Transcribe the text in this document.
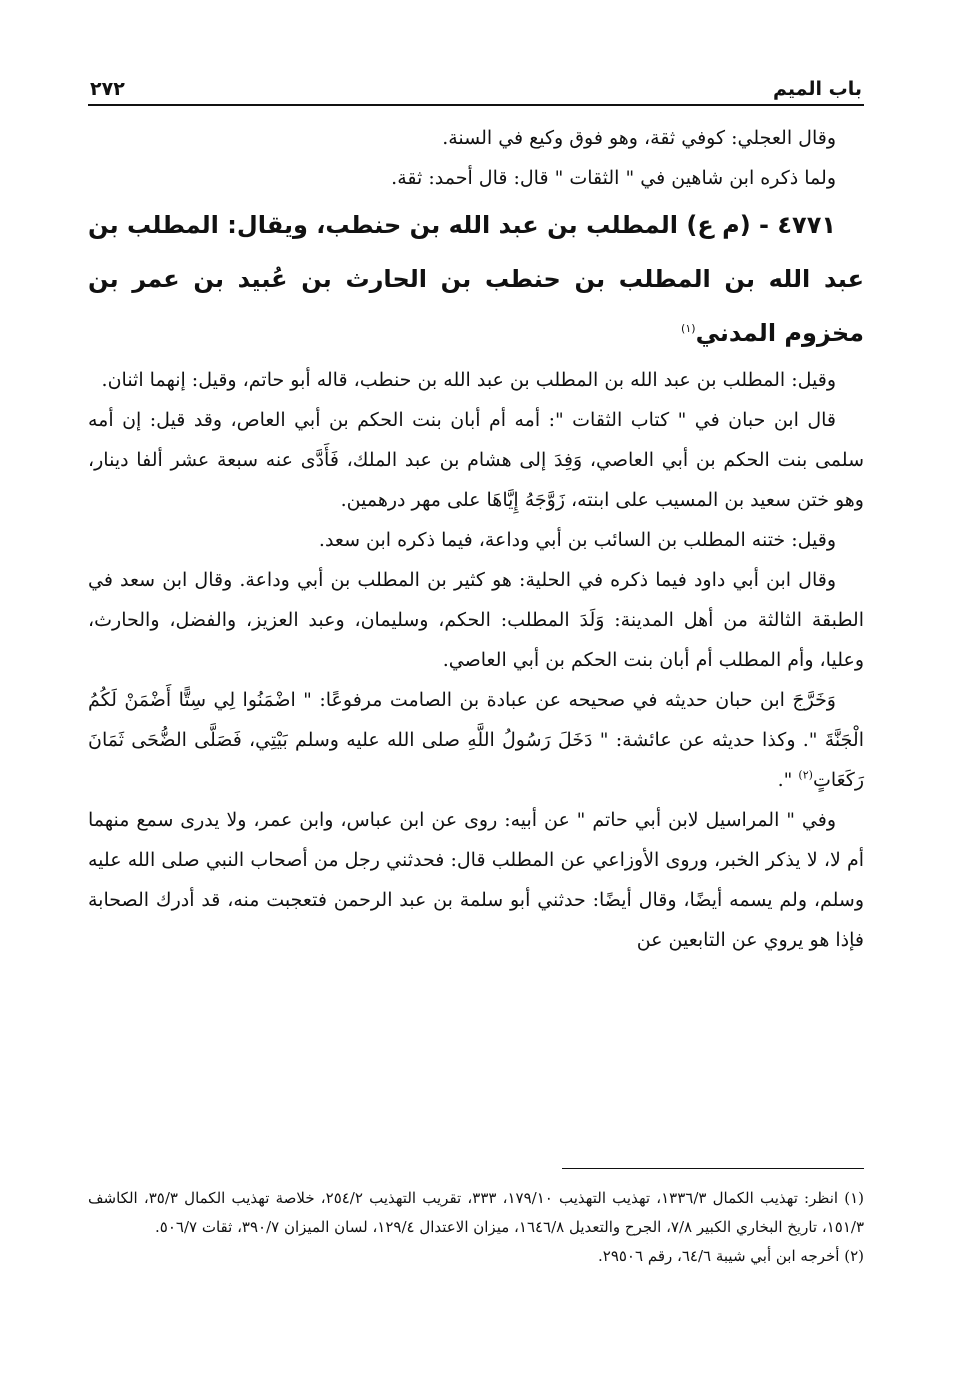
باب الميم
٢٧٢

وقال العجلي: كوفي ثقة، وهو فوق وكيع في السنة.

ولما ذكره ابن شاهين في " الثقات " قال: قال أحمد: ثقة.

٤٧٧١ - (م ع) المطلب بن عبد الله بن حنطب، ويقال: المطلب بن عبد الله بن المطلب بن حنطب بن الحارث بن عُبيد بن عمر بن مخزوم المدني$^{(١)}$

وقيل: المطلب بن عبد الله بن المطلب بن عبد الله بن حنطب، قاله أبو حاتم، وقيل: إنهما اثنان.

قال ابن حبان في " كتاب الثقات ": أمه أم أبان بنت الحكم بن أبي العاص، وقد قيل: إن أمه سلمى بنت الحكم بن أبي العاصي، وَفِدَ إلى هشام بن عبد الملك، فَأَدَّى عنه سبعة عشر ألفا دينار، وهو ختن سعيد بن المسيب على ابنته، زَوَّجَهُ إِيَّاهَا على مهر درهمين.

وقيل: ختنه المطلب بن السائب بن أبي وداعة، فيما ذكره ابن سعد.

وقال ابن أبي داود فيما ذكره في الحلية: هو كثير بن المطلب بن أبي وداعة. وقال ابن سعد في الطبقة الثالثة من أهل المدينة: وَلَدَ المطلب: الحكم، وسليمان، وعبد العزيز، والفضل، والحارث، وعليا، وأم المطلب أم أبان بنت الحكم بن أبي العاصي.

وَخَرَّجَ ابن حبان حديثه في صحيحه عن عبادة بن الصامت مرفوعًا: " اضْمَنُوا لِي سِتًّا أَضْمَنْ لَكُمُ الْجَنَّةَ ". وكذا حديثه عن عائشة: " دَخَلَ رَسُولُ اللَّهِ صلى الله عليه وسلم بَيْتِي، فَصَلَّى الضُّحَى ثَمَانَ رَكَعَاتٍ$^{(٢)}$ ".

وفي " المراسيل لابن أبي حاتم " عن أبيه: روى عن ابن عباس، وابن عمر، ولا يدرى سمع منهما أم لا، لا يذكر الخبر، وروى الأوزاعي عن المطلب قال: فحدثني رجل من أصحاب النبي صلى الله عليه وسلم، ولم يسمه أيضًا، وقال أيضًا: حدثني أبو سلمة بن عبد الرحمن فتعجبت منه، قد أدرك الصحابة فإذا هو يروي عن التابعين عن

(١) انظر: تهذيب الكمال ١٣٣٦/٣، تهذيب التهذيب ١٧٩/١٠، ٣٣٣، تقريب التهذيب ٢٥٤/٢، خلاصة تهذيب الكمال ٣٥/٣، الكاشف ١٥١/٣، تاريخ البخاري الكبير ٧/٨، الجرح والتعديل ١٦٤٦/٨، ميزان الاعتدال ١٢٩/٤، لسان الميزان ٣٩٠/٧، ثقات ٥٠٦/٧.

(٢) أخرجه ابن أبي شيبة ٦٤/٦، رقم ٢٩٥٠٦.
